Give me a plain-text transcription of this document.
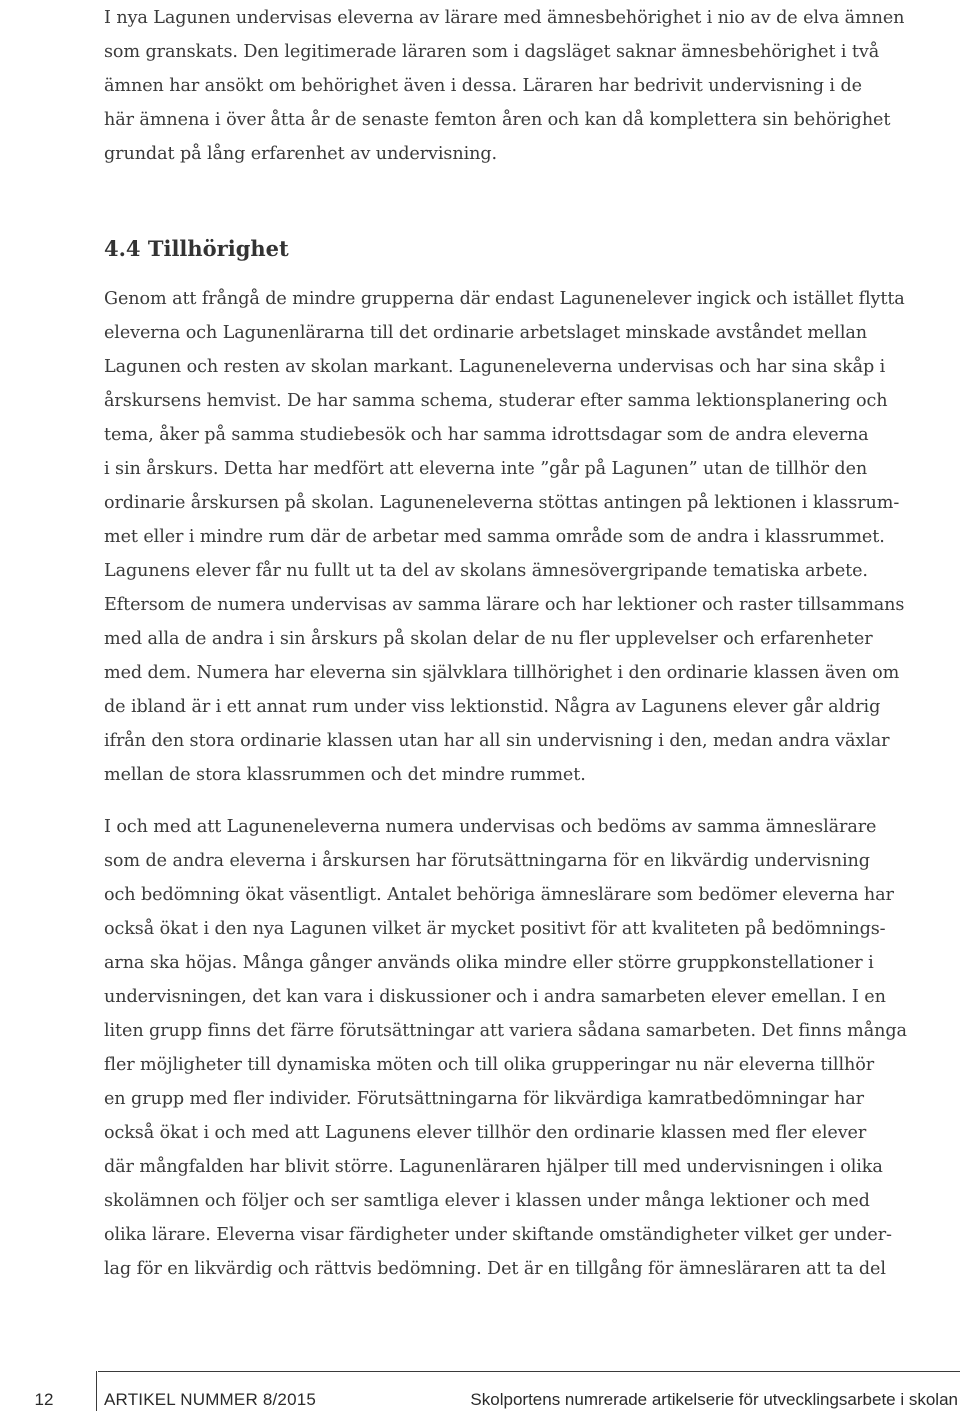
I nya Lagunen undervisas eleverna av lärare med ämnesbehörighet i nio av de elva ämnen
som granskats. Den legitimerade läraren som i dagsläget saknar ämnesbehörighet i två
ämnen har ansökt om behörighet även i dessa. Läraren har bedrivit undervisning i de
här ämnena i över åtta år de senaste femton åren och kan då komplettera sin behörighet
grundat på lång erfarenhet av undervisning.
4.4 Tillhörighet
Genom att frångå de mindre grupperna där endast Lagunenelever ingick och istället flytta
eleverna och Lagunenlärarna till det ordinarie arbetslaget minskade avståndet mellan
Lagunen och resten av skolan markant. Laguneneleverna undervisas och har sina skåp i
årskursens hemvist. De har samma schema, studerar efter samma lektionsplanering och
tema, åker på samma studiebesök och har samma idrottsdagar som de andra eleverna
i sin årskurs. Detta har medfört att eleverna inte ”går på Lagunen” utan de tillhör den
ordinarie årskursen på skolan. Laguneneleverna stöttas antingen på lektionen i klassrum-
met eller i mindre rum där de arbetar med samma område som de andra i klassrummet.
Lagunens elever får nu fullt ut ta del av skolans ämnesövergripande tematiska arbete.
Eftersom de numera undervisas av samma lärare och har lektioner och raster tillsammans
med alla de andra i sin årskurs på skolan delar de nu fler upplevelser och erfarenheter
med dem. Numera har eleverna sin självklara tillhörighet i den ordinarie klassen även om
de ibland är i ett annat rum under viss lektionstid. Några av Lagunens elever går aldrig
ifrån den stora ordinarie klassen utan har all sin undervisning i den, medan andra växlar
mellan de stora klassrummen och det mindre rummet.
I och med att Laguneneleverna numera undervisas och bedöms av samma ämneslärare
som de andra eleverna i årskursen har förutsättningarna för en likvärdig undervisning
och bedömning ökat väsentligt. Antalet behöriga ämneslärare som bedömer eleverna har
också ökat i den nya Lagunen vilket är mycket positivt för att kvaliteten på bedömnings-
arna ska höjas. Många gånger används olika mindre eller större gruppkonstellationer i
undervisningen, det kan vara i diskussioner och i andra samarbeten elever emellan. I en
liten grupp finns det färre förutsättningar att variera sådana samarbeten. Det finns många
fler möjligheter till dynamiska möten och till olika grupperingar nu när eleverna tillhör
en grupp med fler individer. Förutsättningarna för likvärdiga kamratbedömningar har
också ökat i och med att Lagunens elever tillhör den ordinarie klassen med fler elever
där mångfalden har blivit större. Lagunenläraren hjälper till med undervisningen i olika
skolämnen och följer och ser samtliga elever i klassen under många lektioner och med
olika lärare. Eleverna visar färdigheter under skiftande omständigheter vilket ger under-
lag för en likvärdig och rättvis bedömning. Det är en tillgång för ämnesläraren att ta del
12	ARTIKEL NUMMER 8/2015	Skolportens numrerade artikelserie för utvecklingsarbete i skolan
